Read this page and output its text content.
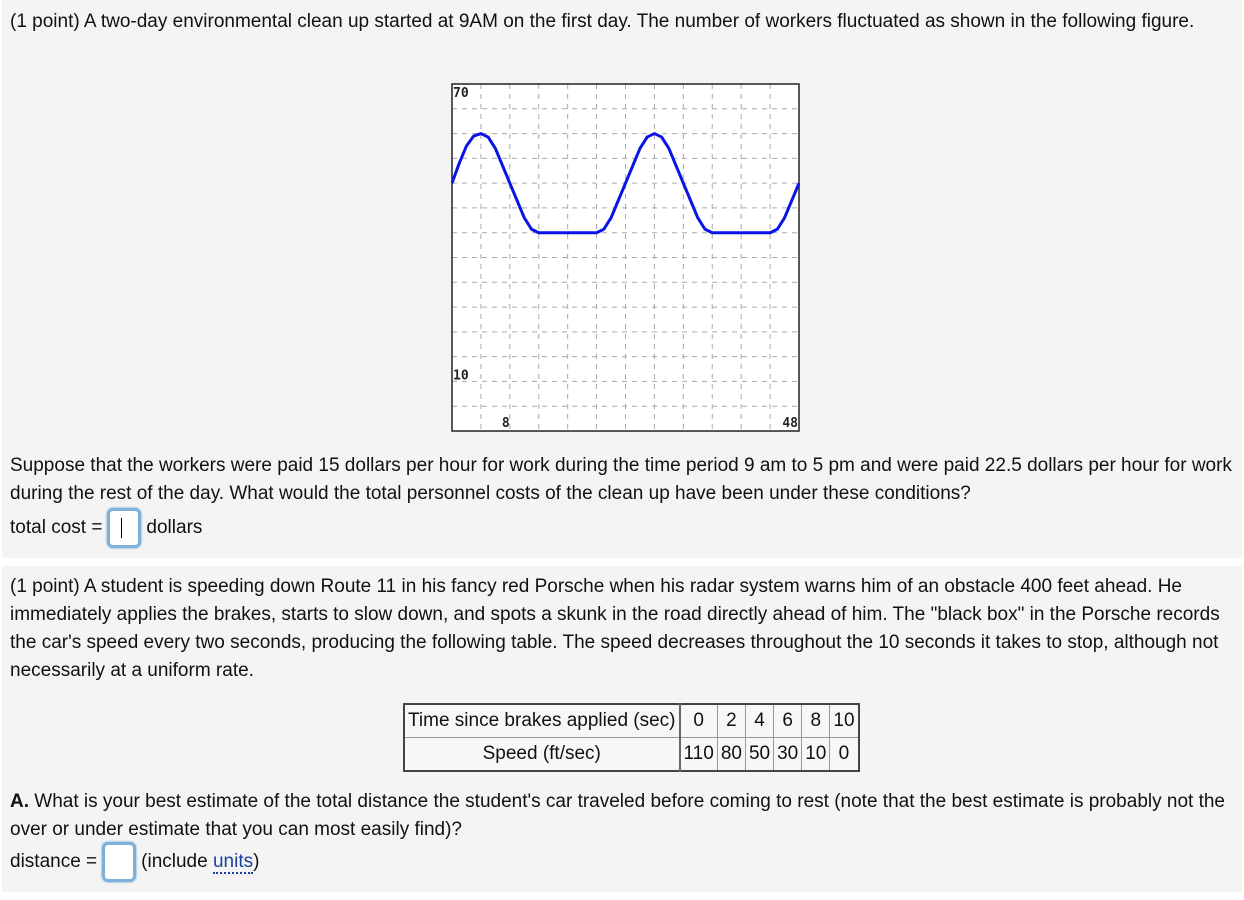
(1 point) A two-day environmental clean up started at 9AM on the first day. The number of workers fluctuated as shown in the following figure.
70
10
8	48
Suppose that the workers were paid 15 dollars per hour for work during the time period 9 am to 5 pm and were paid 22.5 dollars per hour for work during the rest of the day. What would the total personnel costs of the clean up have been under these conditions?
total cost = dollars
(1 point) A student is speeding down Route 11 in his fancy red Porsche when his radar system warns him of an obstacle 400 feet ahead. He immediately applies the brakes, starts to slow down, and spots a skunk in the road directly ahead of him. The "black box" in the Porsche records the car's speed every two seconds, producing the following table. The speed decreases throughout the 10 seconds it takes to stop, although not necessarily at a uniform rate.
A. What is your best estimate of the total distance the student's car traveled before coming to rest (note that the best estimate is probably not the over or under estimate that you can most easily find)?
distance = (include units)
Time since brakes applied (sec)	0	2	4	6	8	10
Speed (ft/sec)	110	80	50	30	10	0
